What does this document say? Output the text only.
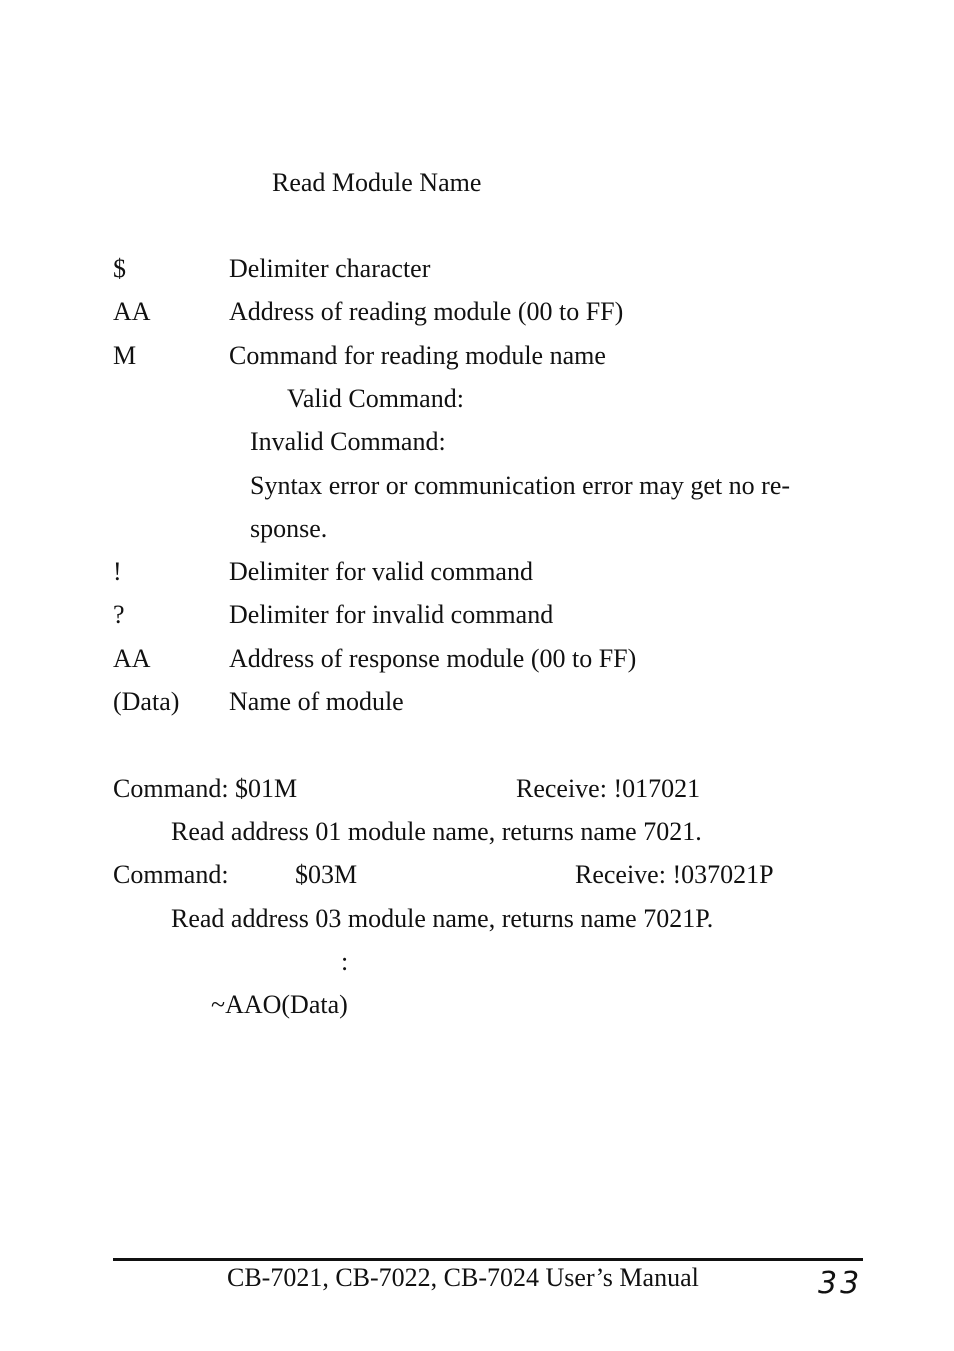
Read Module Name
$	Delimiter character
AA	Address of reading module (00 to FF)
M	Command for reading module name
Valid Command:
Invalid Command:
Syntax error or communication error may get no re-
sponse.
!	Delimiter for valid command
?	Delimiter for invalid command
AA	Address of response module (00 to FF)
(Data) Name of module
Command: $01M	Receive: !017021
Read address 01 module name, returns name 7021.
Command:	$03M	Receive: !037021P
Read address 03 module name, returns name 7021P.
:
~AAO(Data)
CB-7021, CB-7022, CB-7024 User’s Manual	33
